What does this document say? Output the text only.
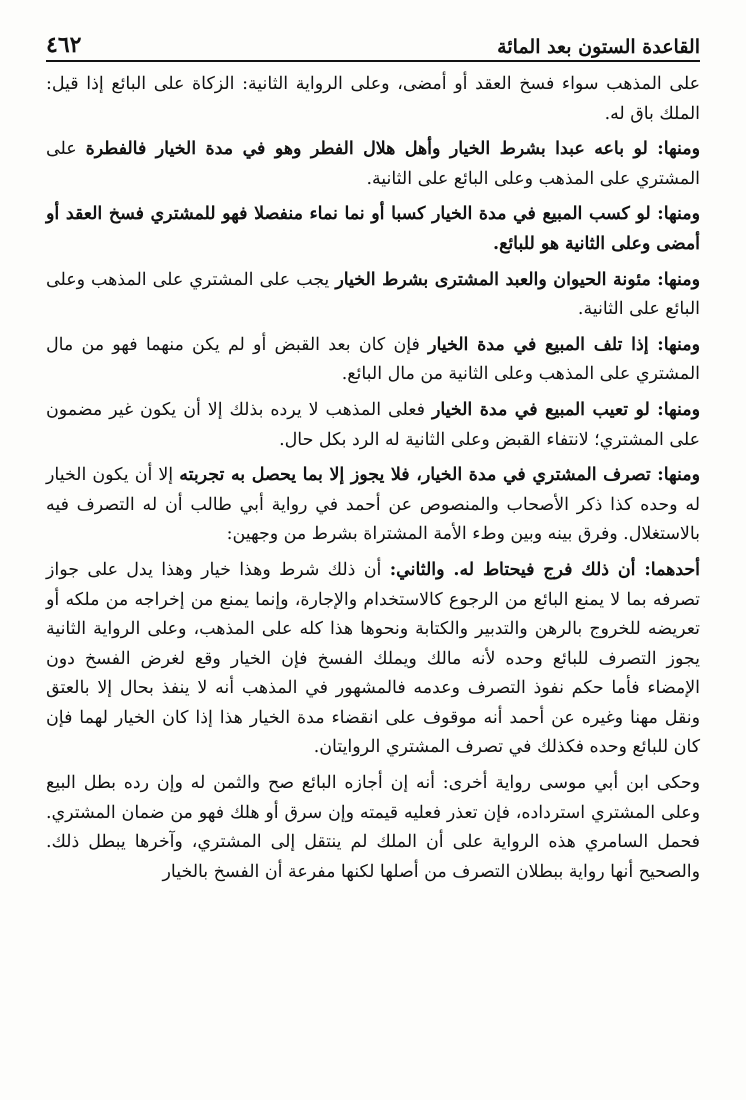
القاعدة الستون بعد المائة
٤٦٢

على المذهب سواء فسخ العقد أو أمضى، وعلى الرواية الثانية: الزكاة على البائع إذا قيل: الملك باق له.

ومنها: لو باعه عبدا بشرط الخيار وأهل هلال الفطر وهو في مدة الخيار فالفطرة على المشتري على المذهب وعلى البائع على الثانية.

ومنها: لو كسب المبيع في مدة الخيار كسبا أو نما نماء منفصلا فهو للمشتري فسخ العقد أو أمضى وعلى الثانية هو للبائع.

ومنها: مئونة الحيوان والعبد المشترى بشرط الخيار يجب على المشتري على المذهب وعلى البائع على الثانية.

ومنها: إذا تلف المبيع في مدة الخيار فإن كان بعد القبض أو لم يكن منهما فهو من مال المشتري على المذهب وعلى الثانية من مال البائع.

ومنها: لو تعيب المبيع في مدة الخيار فعلى المذهب لا يرده بذلك إلا أن يكون غير مضمون على المشتري؛ لانتفاء القبض وعلى الثانية له الرد بكل حال.

ومنها: تصرف المشتري في مدة الخيار، فلا يجوز إلا بما يحصل به تجربته إلا أن يكون الخيار له وحده كذا ذكر الأصحاب والمنصوص عن أحمد في رواية أبي طالب أن له التصرف فيه بالاستغلال. وفرق بينه وبين وطء الأمة المشتراة بشرط من وجهين:

أحدهما: أن ذلك فرج فيحتاط له. والثاني: أن ذلك شرط وهذا خيار وهذا يدل على جواز تصرفه بما لا يمنع البائع من الرجوع كالاستخدام والإجارة، وإنما يمنع من إخراجه من ملكه أو تعريضه للخروج بالرهن والتدبير والكتابة ونحوها هذا كله على المذهب، وعلى الرواية الثانية يجوز التصرف للبائع وحده لأنه مالك ويملك الفسخ فإن الخيار وقع لغرض الفسخ دون الإمضاء فأما حكم نفوذ التصرف وعدمه فالمشهور في المذهب أنه لا ينفذ بحال إلا بالعتق ونقل مهنا وغيره عن أحمد أنه موقوف على انقضاء مدة الخيار هذا إذا كان الخيار لهما فإن كان للبائع وحده فكذلك في تصرف المشتري الروايتان.

وحكى ابن أبي موسى رواية أخرى: أنه إن أجازه البائع صح والثمن له وإن رده بطل البيع وعلى المشتري استرداده، فإن تعذر فعليه قيمته وإن سرق أو هلك فهو من ضمان المشتري. فحمل السامري هذه الرواية على أن الملك لم ينتقل إلى المشتري، وآخرها يبطل ذلك. والصحيح أنها رواية ببطلان التصرف من أصلها لكنها مفرعة أن الفسخ بالخيار
